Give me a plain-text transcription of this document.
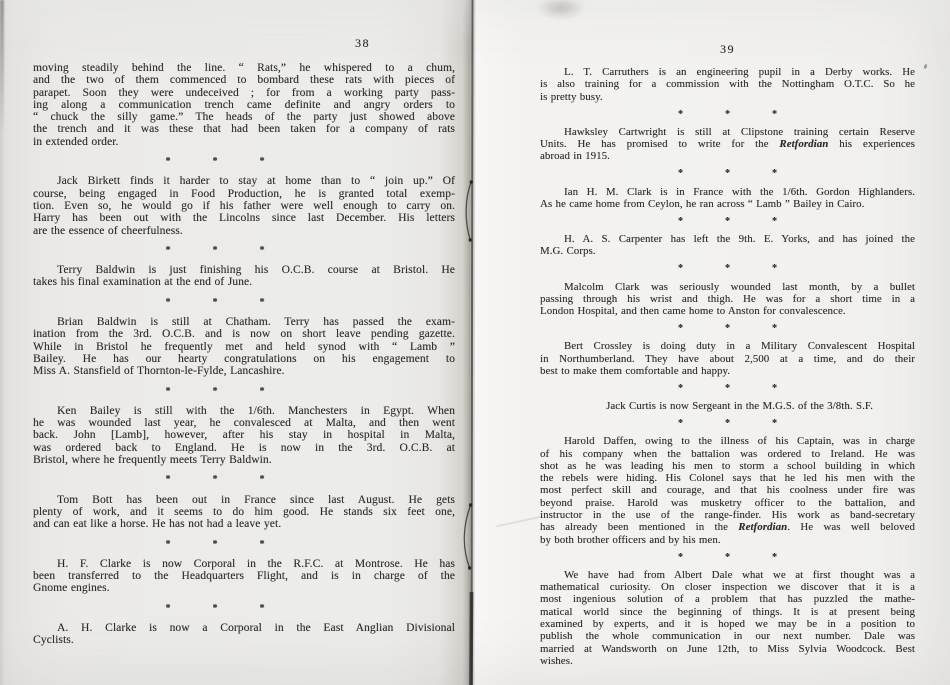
38
moving steadily behind the line. “ Rats,” he whispered to a chum,
and the two of them commenced to bombard these rats with pieces of
parapet. Soon they were undeceived ; for from a working party pass-
ing along a communication trench came definite and angry orders to
“ chuck the silly game.” The heads of the party just showed above
the trench and it was these that had been taken for a company of rats
in extended order.
*	*	*
Jack Birkett finds it harder to stay at home than to “ join up.” Of
course, being engaged in Food Production, he is granted total exemp-
tion. Even so, he would go if his father were well enough to carry on.
Harry has been out with the Lincolns since last December. His letters
are the essence of cheerfulness.
*	*	*
Terry Baldwin is just finishing his O.C.B. course at Bristol. He
takes his final examination at the end of June.
*	*	*
Brian Baldwin is still at Chatham. Terry has passed the exam-
ination from the 3rd. O.C.B. and is now on short leave pending gazette.
While in Bristol he frequently met and held synod with “ Lamb ”
Bailey. He has our hearty congratulations on his engagement to
Miss A. Stansfield of Thornton-le-Fylde, Lancashire.
*	*	*
Ken Bailey is still with the 1/6th. Manchesters in Egypt. When
he was wounded last year, he convalesced at Malta, and then went
back. John [Lamb], however, after his stay in hospital in Malta,
was ordered back to England. He is now in the 3rd. O.C.B. at
Bristol, where he frequently meets Terry Baldwin.
*	*	*
Tom Bott has been out in France since last August. He gets
plenty of work, and it seems to do him good. He stands six feet one,
and can eat like a horse. He has not had a leave yet.
*	*	*
H. F. Clarke is now Corporal in the R.F.C. at Montrose. He has
been transferred to the Headquarters Flight, and is in charge of the
Gnome engines.
*	*	*
A. H. Clarke is now a Corporal in the East Anglian Divisional
Cyclists.
39
L. T. Carruthers is an engineering pupil in a Derby works. He
is also training for a commission with the Nottingham O.T.C. So he
is pretty busy.
*	*	*
Hawksley Cartwright is still at Clipstone training certain Reserve
Units. He has promised to write for the Retfordian his experiences
abroad in 1915.
*	*	*
Ian H. M. Clark is in France with the 1/6th. Gordon Highlanders.
As he came home from Ceylon, he ran across “ Lamb ” Bailey in Cairo.
*	*	*
H. A. S. Carpenter has left the 9th. E. Yorks, and has joined the
M.G. Corps.
*	*	*
Malcolm Clark was seriously wounded last month, by a bullet
passing through his wrist and thigh. He was for a short time in a
London Hospital, and then came home to Anston for convalescence.
*	*	*
Bert Crossley is doing duty in a Military Convalescent Hospital
in Northumberland. They have about 2,500 at a time, and do their
best to make them comfortable and happy.
*	*	*
Jack Curtis is now Sergeant in the M.G.S. of the 3/8th. S.F.
*	*	*
Harold Daffen, owing to the illness of his Captain, was in charge
of his company when the battalion was ordered to Ireland. He was
shot as he was leading his men to storm a school building in which
the rebels were hiding. His Colonel says that he led his men with the
most perfect skill and courage, and that his coolness under fire was
beyond praise. Harold was musketry officer to the battalion, and
instructor in the use of the range-finder. His work as band-secretary
has already been mentioned in the Retfordian. He was well beloved
by both brother officers and by his men.
*	*	*
We have had from Albert Dale what we at first thought was a
mathematical curiosity. On closer inspection we discover that it is a
most ingenious solution of a problem that has puzzled the mathe-
matical world since the beginning of things. It is at present being
examined by experts, and it is hoped we may be in a position to
publish the whole communication in our next number. Dale was
married at Wandsworth on June 12th, to Miss Sylvia Woodcock. Best
wishes.
